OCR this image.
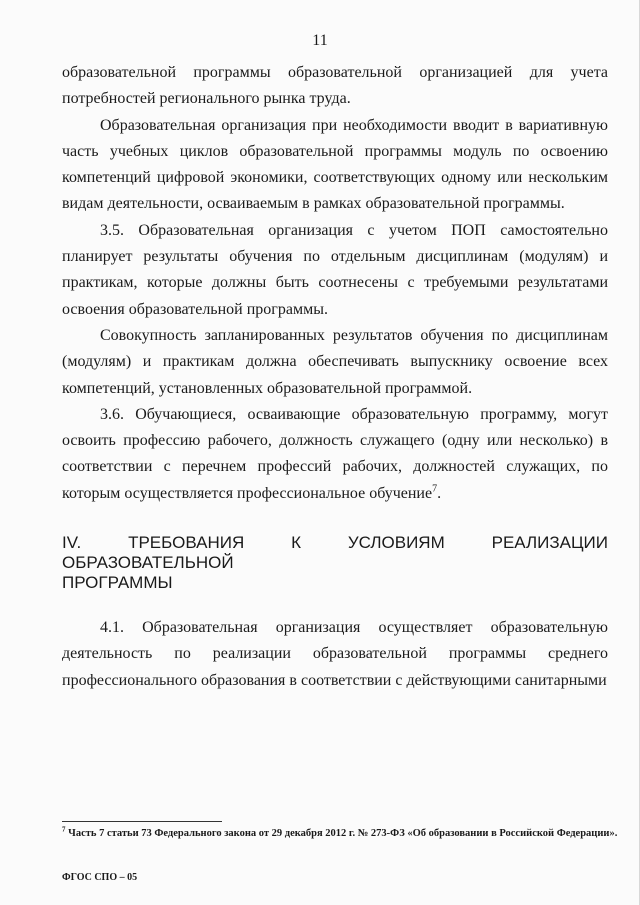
11

образовательной программы образовательной организацией для учета потребностей регионального рынка труда.

Образовательная организация при необходимости вводит в вариативную часть учебных циклов образовательной программы модуль по освоению компетенций цифровой экономики, соответствующих одному или нескольким видам деятельности, осваиваемым в рамках образовательной программы.

3.5. Образовательная организация с учетом ПОП самостоятельно планирует результаты обучения по отдельным дисциплинам (модулям) и практикам, которые должны быть соотнесены с требуемыми результатами освоения образовательной программы.

Совокупность запланированных результатов обучения по дисциплинам (модулям) и практикам должна обеспечивать выпускнику освоение всех компетенций, установленных образовательной программой.

3.6. Обучающиеся, осваивающие образовательную программу, могут освоить профессию рабочего, должность служащего (одну или несколько) в соответствии с перечнем профессий рабочих, должностей служащих, по которым осуществляется профессиональное обучение$^7$.

IV. ТРЕБОВАНИЯ К УСЛОВИЯМ РЕАЛИЗАЦИИ ОБРАЗОВАТЕЛЬНОЙ
ПРОГРАММЫ

4.1. Образовательная организация осуществляет образовательную деятельность по реализации образовательной программы среднего профессионального образования в соответствии с действующими санитарными

$^7$ Часть 7 статьи 73 Федерального закона от 29 декабря 2012 г. № 273-ФЗ «Об образовании в Российской Федерации».
ФГОС СПО – 05
